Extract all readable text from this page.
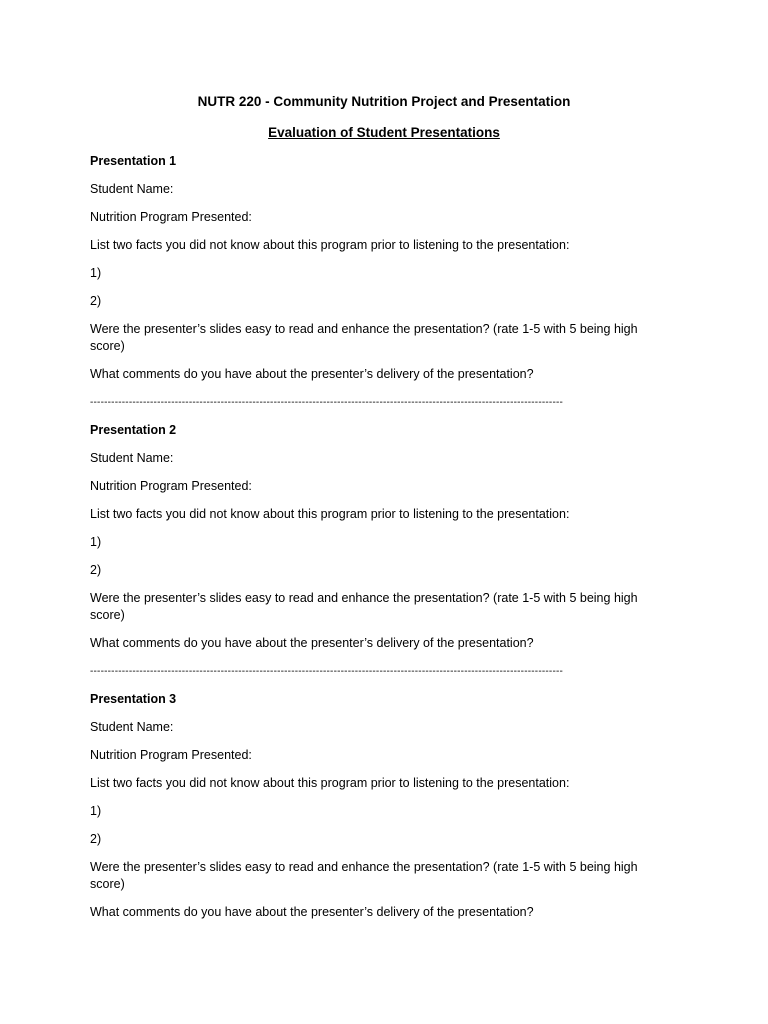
NUTR 220 - Community Nutrition Project and Presentation
Evaluation of Student Presentations
Presentation 1
Student Name:
Nutrition Program Presented:
List two facts you did not know about this program prior to listening to the presentation:
1)
2)
Were the presenter’s slides easy to read and enhance the presentation? (rate 1-5 with 5 being high score)
What comments do you have about the presenter’s delivery of the presentation?
--------------------------------------------------------------------------------------------------------------------------------------
Presentation 2
Student Name:
Nutrition Program Presented:
List two facts you did not know about this program prior to listening to the presentation:
1)
2)
Were the presenter’s slides easy to read and enhance the presentation? (rate 1-5 with 5 being high score)
What comments do you have about the presenter’s delivery of the presentation?
--------------------------------------------------------------------------------------------------------------------------------------
Presentation 3
Student Name:
Nutrition Program Presented:
List two facts you did not know about this program prior to listening to the presentation:
1)
2)
Were the presenter’s slides easy to read and enhance the presentation? (rate 1-5 with 5 being high score)
What comments do you have about the presenter’s delivery of the presentation?
